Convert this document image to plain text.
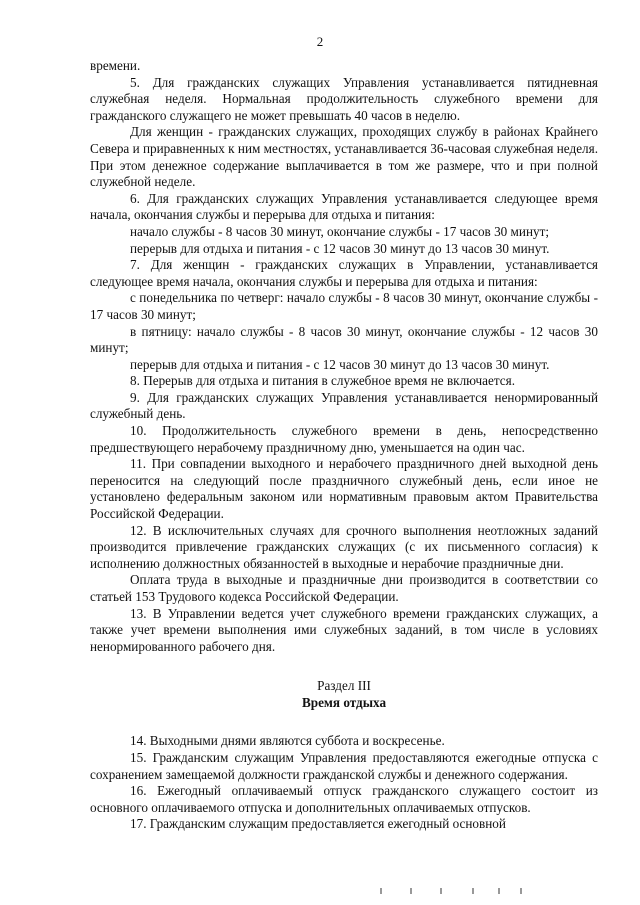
2

времени.

5. Для гражданских служащих Управления устанавливается пятидневная служебная неделя. Нормальная продолжительность служебного времени для гражданского служащего не может превышать 40 часов в неделю.

Для женщин - гражданских служащих, проходящих службу в районах Крайнего Севера и приравненных к ним местностях, устанавливается 36-часовая служебная неделя. При этом денежное содержание выплачивается в том же размере, что и при полной служебной неделе.

6. Для гражданских служащих Управления устанавливается следующее время начала, окончания службы и перерыва для отдыха и питания:

начало службы - 8 часов 30 минут, окончание службы - 17 часов 30 минут;

перерыв для отдыха и питания - с 12 часов 30 минут до 13 часов 30 минут.

7. Для женщин - гражданских служащих в Управлении, устанавливается следующее время начала, окончания службы и перерыва для отдыха и питания:

с понедельника по четверг: начало службы - 8 часов 30 минут, окончание службы - 17 часов 30 минут;

в пятницу: начало службы - 8 часов 30 минут, окончание службы - 12 часов 30 минут;

перерыв для отдыха и питания - с 12 часов 30 минут до 13 часов 30 минут.

8. Перерыв для отдыха и питания в служебное время не включается.

9. Для гражданских служащих Управления устанавливается ненормированный служебный день.

10. Продолжительность служебного времени в день, непосредственно предшествующего нерабочему праздничному дню, уменьшается на один час.

11. При совпадении выходного и нерабочего праздничного дней выходной день переносится на следующий после праздничного служебный день, если иное не установлено федеральным законом или нормативным правовым актом Правительства Российской Федерации.

12. В исключительных случаях для срочного выполнения неотложных заданий производится привлечение гражданских служащих (с их письменного согласия) к исполнению должностных обязанностей в выходные и нерабочие праздничные дни.

Оплата труда в выходные и праздничные дни производится в соответствии со статьей 153 Трудового кодекса Российской Федерации.

13. В Управлении ведется учет служебного времени гражданских служащих, а также учет времени выполнения ими служебных заданий, в том числе в условиях ненормированного рабочего дня.

Раздел III
Время отдыха

14. Выходными днями являются суббота и воскресенье.

15. Гражданским служащим Управления предоставляются ежегодные отпуска с сохранением замещаемой должности гражданской службы и денежного содержания.

16. Ежегодный оплачиваемый отпуск гражданского служащего состоит из основного оплачиваемого отпуска и дополнительных оплачиваемых отпусков.

17. Гражданским служащим предоставляется ежегодный основной
